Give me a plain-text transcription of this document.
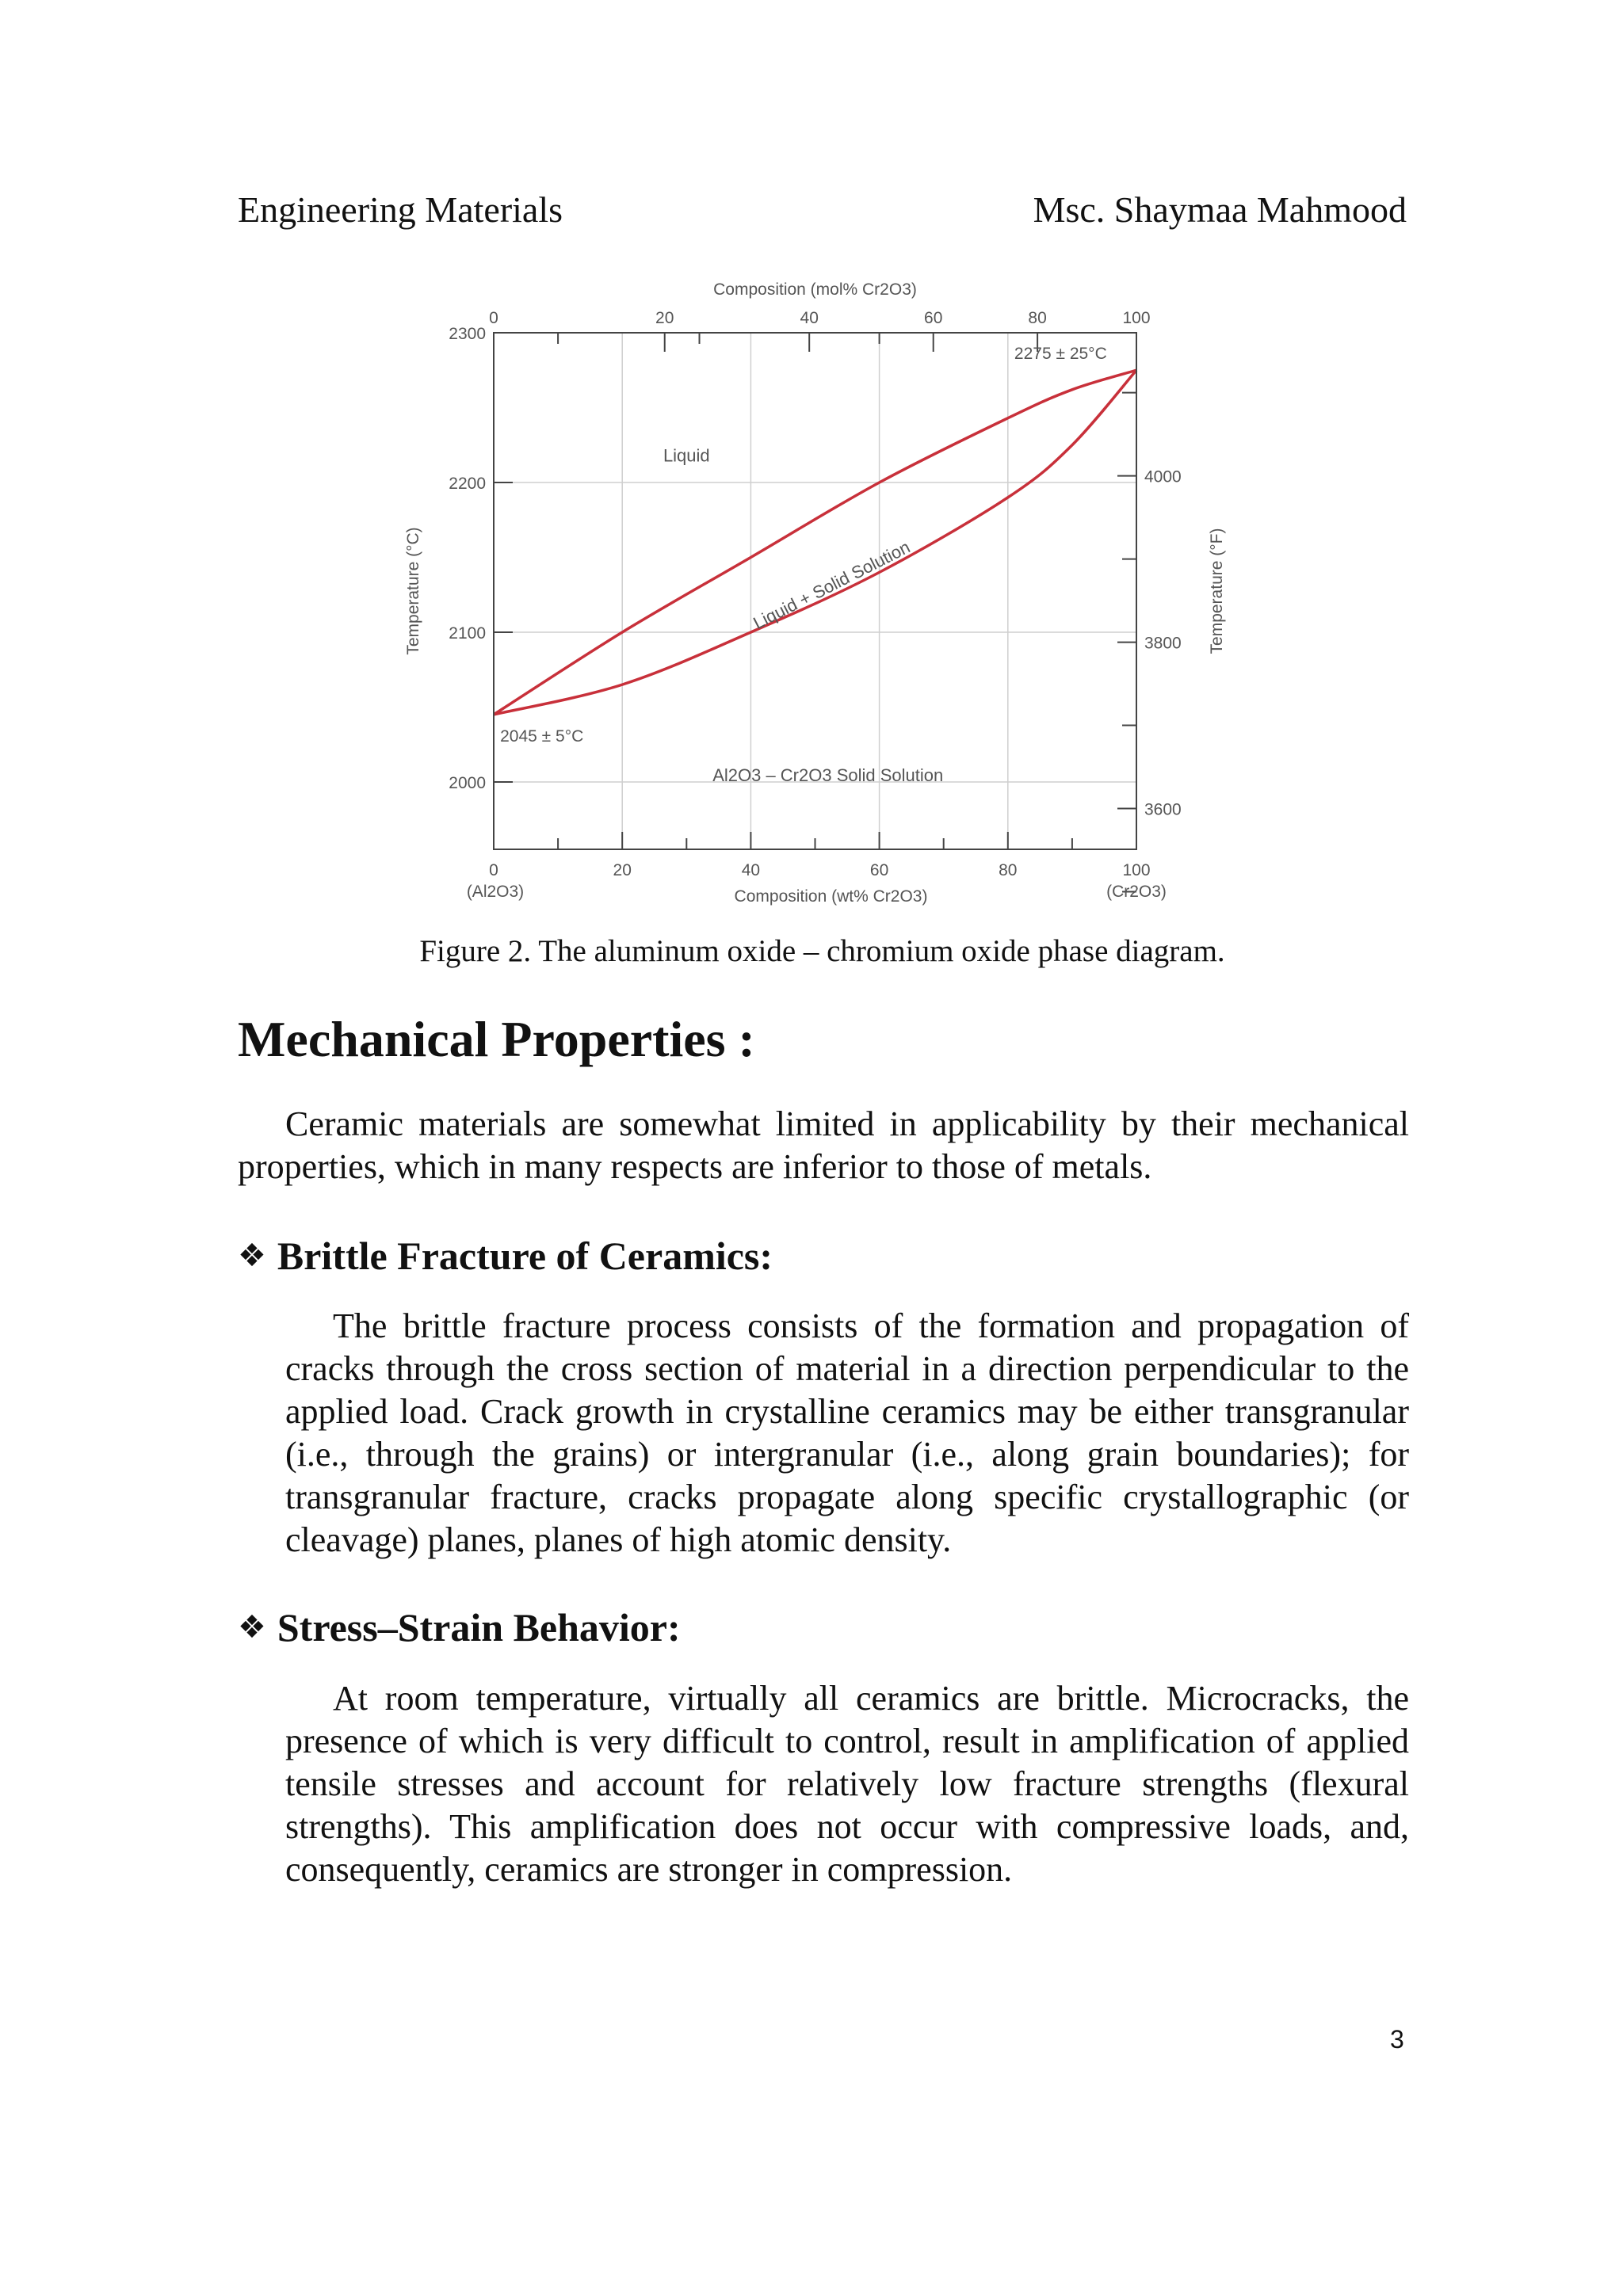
Engineering Materials	Msc. Shaymaa Mahmood
0	20	40	60	80	100
0	20	40	60	80	100
2000
2100
2200
2300
3600
3800
4000
Composition (wt% Cr2O3)
Composition (mol% Cr2O3)
Temperature (°C)	Temperature (°F)
(Al2O3)	(Cr2O3)
Liquid
Liquid + Solid Solution
Al2O3 – Cr2O3 Solid Solution
2275 ± 25°C
2045 ± 5°C
Figure 2. The aluminum oxide – chromium oxide phase diagram.
Mechanical Properties :
Ceramic materials are somewhat limited in applicability by their mechanical properties, which in many respects are inferior to those of metals.
❖ Brittle Fracture of Ceramics:
The brittle fracture process consists of the formation and propagation of cracks through the cross section of material in a direction perpendicular to the applied load. Crack growth in crystalline ceramics may be either transgranular (i.e., through the grains) or intergranular (i.e., along grain boundaries); for transgranular fracture, cracks propagate along specific crystallographic (or cleavage) planes, planes of high atomic density.
❖ Stress–Strain Behavior:
At room temperature, virtually all ceramics are brittle. Microcracks, the presence of which is very difficult to control, result in amplification of applied tensile stresses and account for relatively low fracture strengths (flexural strengths). This amplification does not occur with compressive loads, and, consequently, ceramics are stronger in compression.
3
